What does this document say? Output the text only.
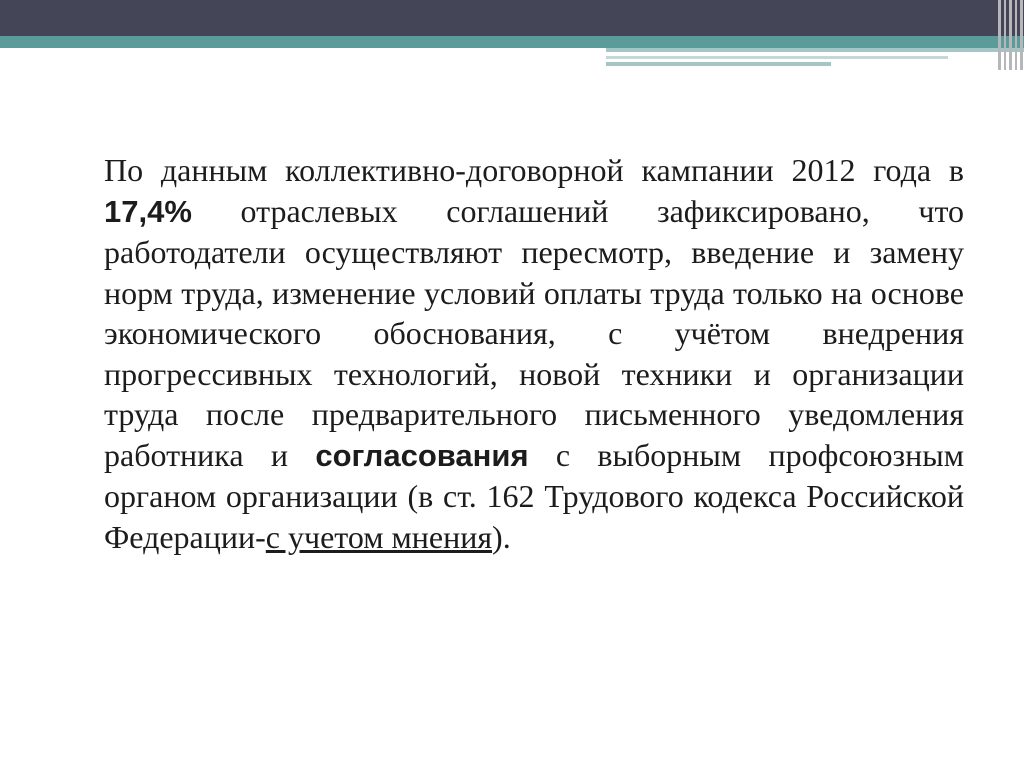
По данным коллективно-договорной кампании 2012 года в 17,4% отраслевых соглашений зафиксировано, что работодатели осуществляют пересмотр, введение и замену норм труда, изменение условий оплаты труда только на основе экономического обоснования, с учётом внедрения прогрессивных технологий, новой техники и организации труда после предварительного письменного уведомления работника и согласования с выборным профсоюзным органом организации (в ст. 162 Трудового кодекса Российской Федерации-с учетом мнения).
